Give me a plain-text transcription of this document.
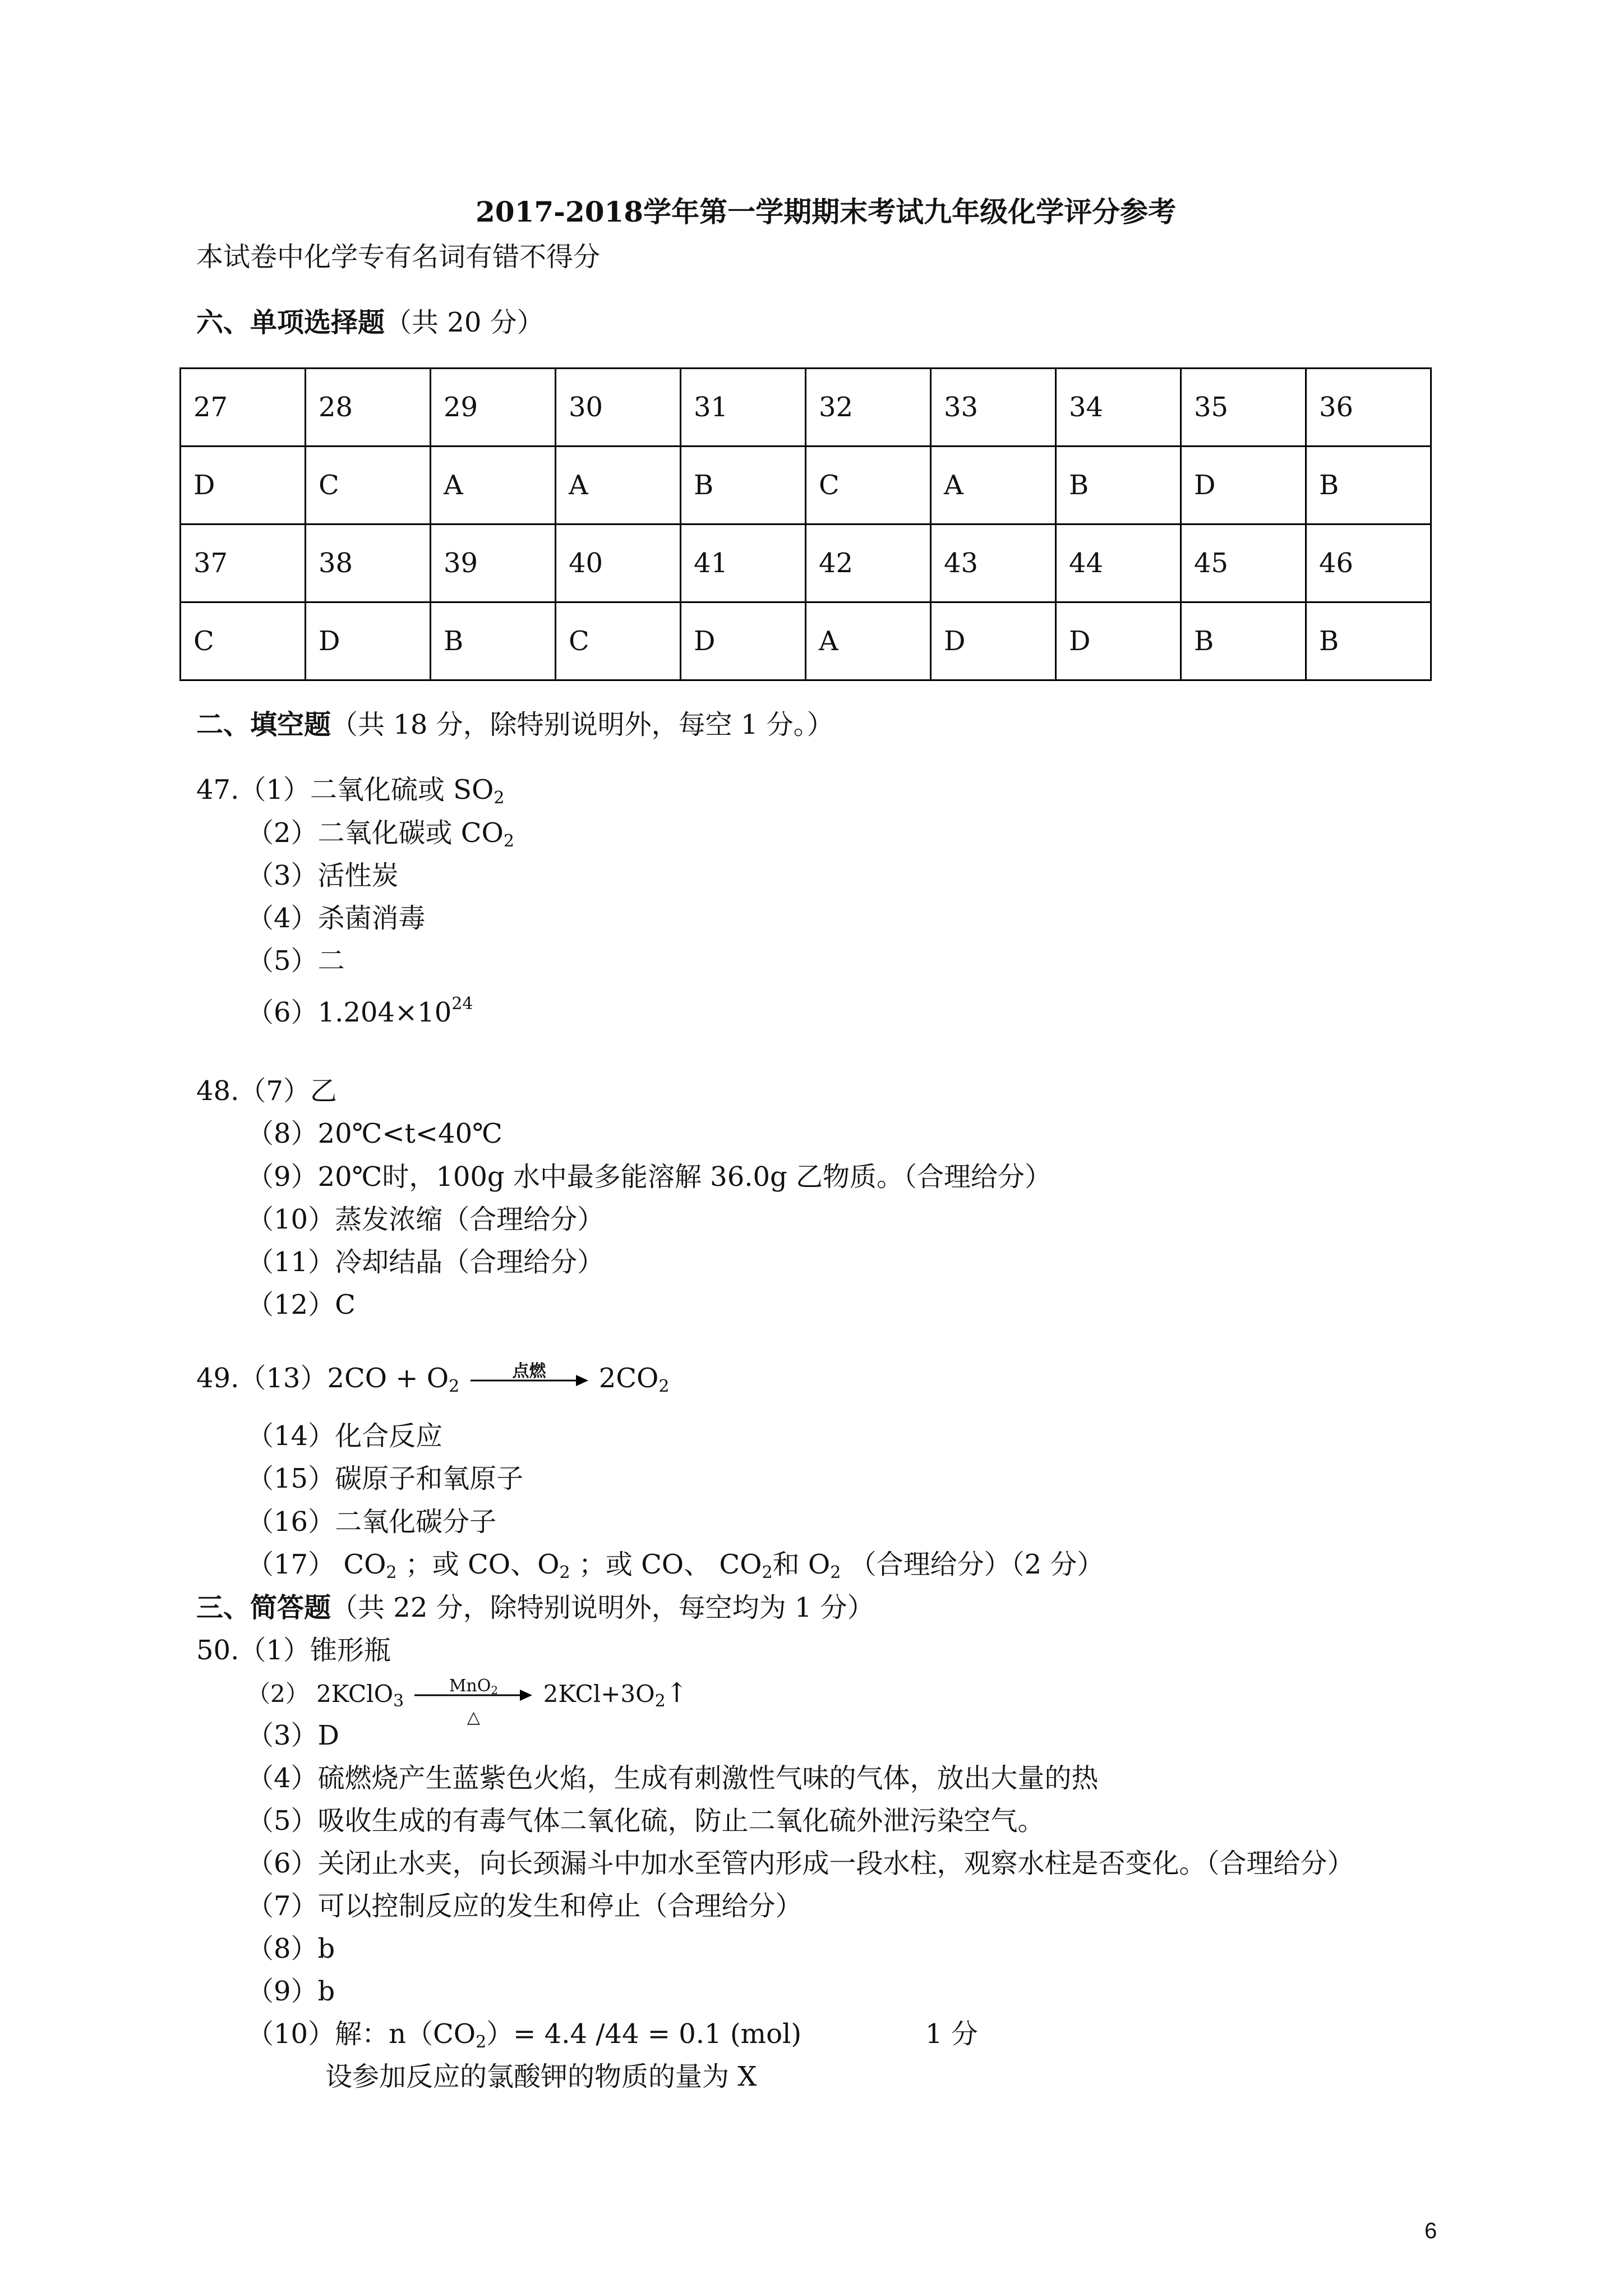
2017-2018学年第一学期期末考试九年级化学评分参考
本试卷中化学专有名词有错不得分
六、单项选择题（共 20 分）
27	28	29	30	31	32	33	34	35	36
D	C	A	A	B	C	A	B	D	B
37	38	39	40	41	42	43	44	45	46
C	D	B	C	D	A	D	D	B	B
二、填空题（共 18 分，除特别说明外，每空 1 分。）
47.（1）二氧化硫或 $SO_2$
（2）二氧化碳或 $CO_2$
（3）活性炭
（4）杀菌消毒
（5）二
$(6)1.204\times 10^{24}$
48.（7）乙
（8）20℃<t<40℃
（9）20℃时，100g 水中最多能溶解 36.0g 乙物质。（合理给分）
（10）蒸发浓缩（合理给分）
（11）冷却结晶（合理给分）
（12）C
$49.(13)2CO + O_2$
点燃	$2CO_2$
（14）化合反应
（15）碳原子和氧原子
（16）二氧化碳分子
（17） $CO_2$ ；或 CO、$O_2$ ；或 CO、 $CO_2$和 $O_2$ （合理给分）（2 分）
三、简答题（共 22 分，除特别说明外，每空均为 1 分）
50.（1）锥形瓶
（2） 2KClO$_3$
MnO$_2$
△
$2KCl+3O_2↑$
（3）D
（4）硫燃烧产生蓝紫色火焰，生成有刺激性气味的气体，放出大量的热
（5）吸收生成的有毒气体二氧化硫，防止二氧化硫外泄污染空气。
（6）关闭止水夹，向长颈漏斗中加水至管内形成一段水柱，观察水柱是否变化。（合理给分）
（7）可以控制反应的发生和停止（合理给分）
（8）b
（9）b
（10）解：$n(CO_2)= 4.4$ /44 = 0.1 (mol)	1 分
设参加反应的氯酸钾的物质的量为 X
6
